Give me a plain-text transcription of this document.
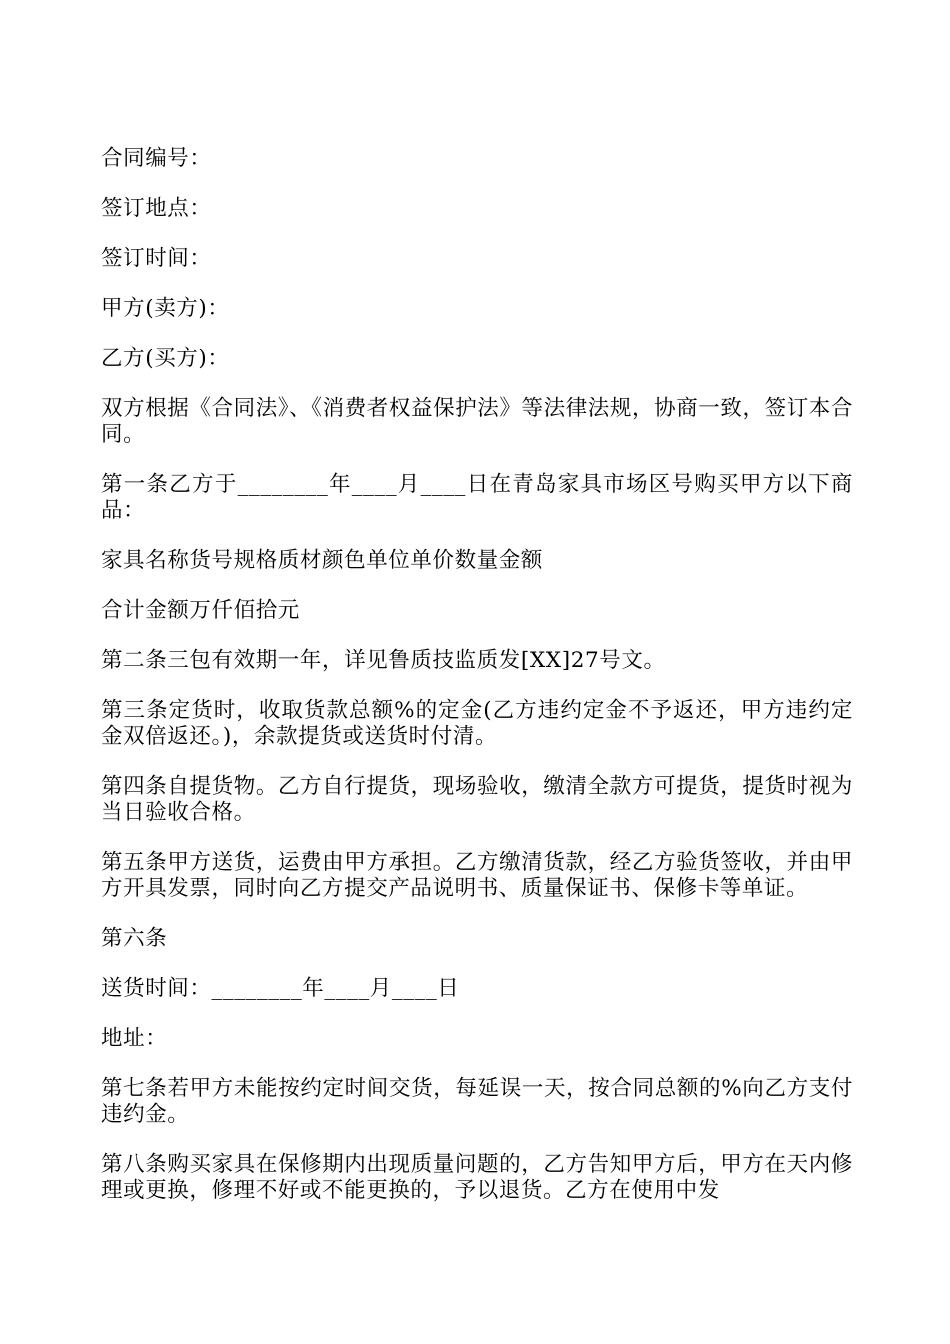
合同编号：

签订地点：

签订时间：

甲方(卖方)：

乙方(买方)：

双方根据《合同法》、《消费者权益保护法》等法律法规，协商一致，签订本合同。

第一条乙方于________年____月____日在青岛家具市场区号购买甲方以下商品：

家具名称货号规格质材颜色单位单价数量金额

合计金额万仟佰拾元

第二条三包有效期一年，详见鲁质技监质发[XX]27号文。

第三条定货时，收取货款总额%的定金(乙方违约定金不予返还，甲方违约定金双倍返还。)，余款提货或送货时付清。

第四条自提货物。乙方自行提货，现场验收，缴清全款方可提货，提货时视为当日验收合格。

第五条甲方送货，运费由甲方承担。乙方缴清货款，经乙方验货签收，并由甲方开具发票，同时向乙方提交产品说明书、质量保证书、保修卡等单证。

第六条

送货时间：________年____月____日

地址：

第七条若甲方未能按约定时间交货，每延误一天，按合同总额的%向乙方支付违约金。

第八条购买家具在保修期内出现质量问题的，乙方告知甲方后，甲方在天内修理或更换，修理不好或不能更换的，予以退货。乙方在使用中发
